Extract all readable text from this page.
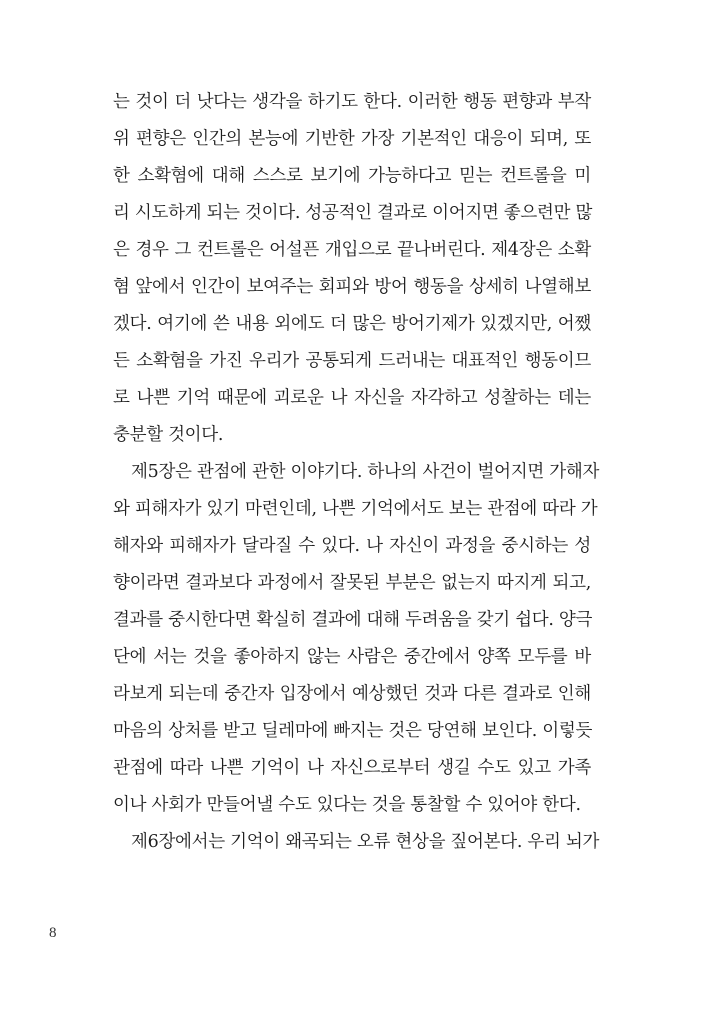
는 것이 더 낫다는 생각을 하기도 한다. 이러한 행동 편향과 부작
위 편향은 인간의 본능에 기반한 가장 기본적인 대응이 되며, 또
한 소확혐에 대해 스스로 보기에 가능하다고 믿는 컨트롤을 미
리 시도하게 되는 것이다. 성공적인 결과로 이어지면 좋으련만 많
은 경우 그 컨트롤은 어설픈 개입으로 끝나버린다. 제4장은 소확
혐 앞에서 인간이 보여주는 회피와 방어 행동을 상세히 나열해보
겠다. 여기에 쓴 내용 외에도 더 많은 방어기제가 있겠지만, 어쨌
든 소확혐을 가진 우리가 공통되게 드러내는 대표적인 행동이므
로 나쁜 기억 때문에 괴로운 나 자신을 자각하고 성찰하는 데는
충분할 것이다.
제5장은 관점에 관한 이야기다. 하나의 사건이 벌어지면 가해자
와 피해자가 있기 마련인데, 나쁜 기억에서도 보는 관점에 따라 가
해자와 피해자가 달라질 수 있다. 나 자신이 과정을 중시하는 성
향이라면 결과보다 과정에서 잘못된 부분은 없는지 따지게 되고,
결과를 중시한다면 확실히 결과에 대해 두려움을 갖기 쉽다. 양극
단에 서는 것을 좋아하지 않는 사람은 중간에서 양쪽 모두를 바
라보게 되는데 중간자 입장에서 예상했던 것과 다른 결과로 인해
마음의 상처를 받고 딜레마에 빠지는 것은 당연해 보인다. 이렇듯
관점에 따라 나쁜 기억이 나 자신으로부터 생길 수도 있고 가족
이나 사회가 만들어낼 수도 있다는 것을 통찰할 수 있어야 한다.
제6장에서는 기억이 왜곡되는 오류 현상을 짚어본다. 우리 뇌가
8
